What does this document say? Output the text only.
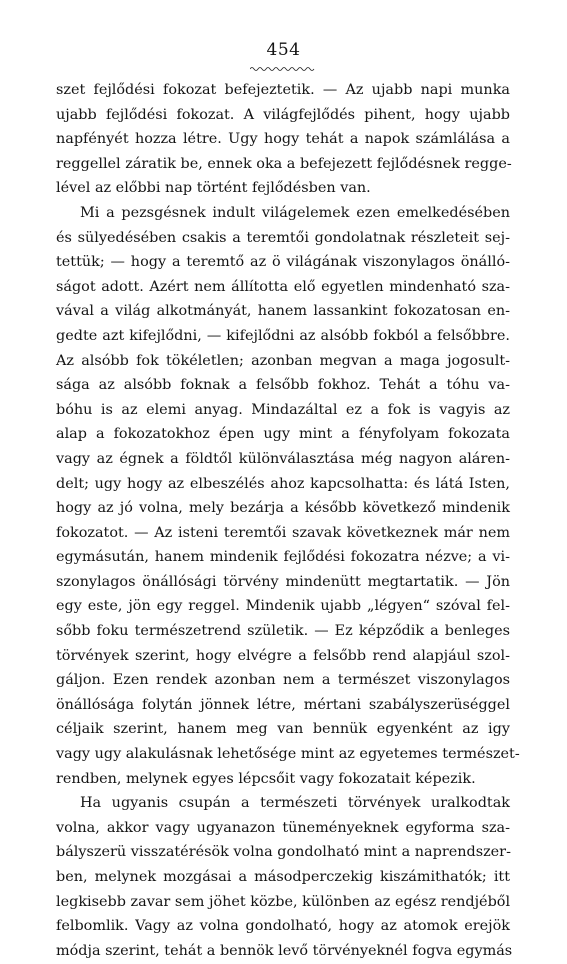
454
szet fejlődési fokozat befejeztetik. — Az ujabb napi munka
ujabb fejlődési fokozat. A világfejlődés pihent, hogy ujabb
napfényét hozza létre. Ugy hogy tehát a napok számlálása a
reggellel záratik be, ennek oka a befejezett fejlődésnek regge-
lével az előbbi nap történt fejlődésben van.
Mi a pezsgésnek indult világelemek ezen emelkedésében
és sülyedésében csakis a teremtői gondolatnak részleteit sej-
tettük; — hogy a teremtő az ö világának viszonylagos önálló-
ságot adott. Azért nem állította elő egyetlen mindenható sza-
vával a világ alkotmányát, hanem lassankint fokozatosan en-
gedte azt kifejlődni, — kifejlődni az alsóbb fokból a felsőbbre.
Az alsóbb fok tökéletlen; azonban megvan a maga jogosult-
sága az alsóbb foknak a felsőbb fokhoz. Tehát a tóhu va-
bóhu is az elemi anyag. Mindazáltal ez a fok is vagyis az
alap a fokozatokhoz épen ugy mint a fényfolyam fokozata
vagy az égnek a földtől különválasztása még nagyon aláren-
delt; ugy hogy az elbeszélés ahoz kapcsolhatta: és látá Isten,
hogy az jó volna, mely bezárja a később következő mindenik
fokozatot. — Az isteni teremtői szavak következnek már nem
egymásután, hanem mindenik fejlődési fokozatra nézve; a vi-
szonylagos önállósági törvény mindenütt megtartatik. — Jön
egy este, jön egy reggel. Mindenik ujabb „légyen“ szóval fel-
sőbb foku természetrend születik. — Ez képződik a benleges
törvények szerint, hogy elvégre a felsőbb rend alapjául szol-
gáljon. Ezen rendek azonban nem a természet viszonylagos
önállósága folytán jönnek létre, mértani szabályszerüséggel
céljaik szerint, hanem meg van bennük egyenként az igy
vagy ugy alakulásnak lehetősége mint az egyetemes természet-
rendben, melynek egyes lépcsőit vagy fokozatait képezik.
Ha ugyanis csupán a természeti törvények uralkodtak
volna, akkor vagy ugyanazon tüneményeknek egyforma sza-
bályszerü visszatérésök volna gondolható mint a naprendszer-
ben, melynek mozgásai a másodperczekig kiszámithatók; itt
legkisebb zavar sem jöhet közbe, különben az egész rendjéből
felbomlik. Vagy az volna gondolható, hogy az atomok erejök
módja szerint, tehát a bennök levő törvényeknél fogva egymás
